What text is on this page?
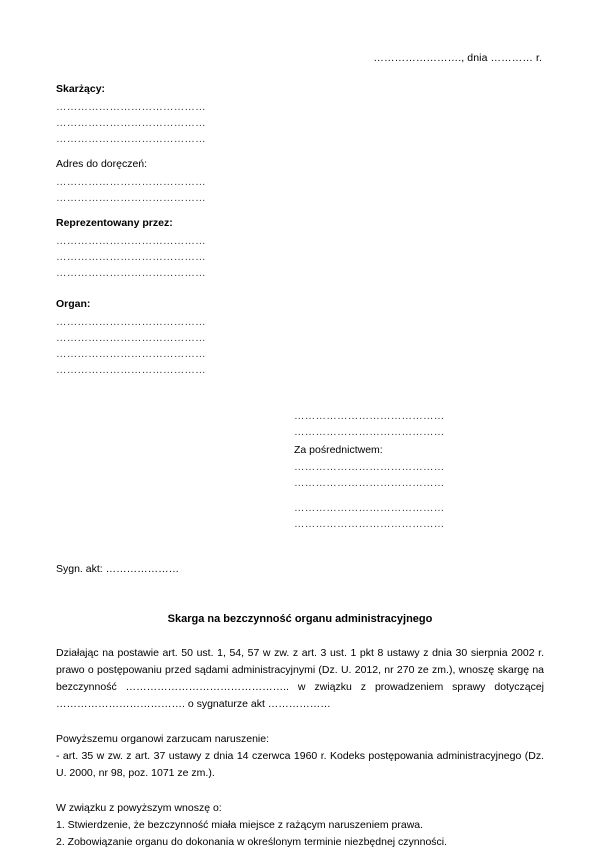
……………………., dnia ………… r.
Skarżący:
……………………………………
……………………………………
……………………………………
Adres do doręczeń:
……………………………………
……………………………………
Reprezentowany przez:
……………………………………
……………………………………
……………………………………
Organ:
……………………………………
……………………………………
……………………………………
……………………………………
……………………………………
……………………………………
Za pośrednictwem:
……………………………………
……………………………………
……………………………………
……………………………………
Sygn. akt: …………………
Skarga na bezczynność organu administracyjnego
Działając na postawie art. 50 ust. 1, 54, 57 w zw. z art. 3 ust. 1 pkt 8 ustawy z dnia 30 sierpnia 2002 r. prawo o postępowaniu przed sądami administracyjnymi (Dz. U. 2012, nr 270 ze zm.), wnoszę skargę na bezczynność ……………………………………….. w związku z prowadzeniem sprawy dotyczącej ………………………………. o sygnaturze akt ………………
Powyższemu organowi zarzucam naruszenie:
- art. 35 w zw. z art. 37 ustawy z dnia 14 czerwca 1960 r. Kodeks postępowania administracyjnego (Dz. U. 2000, nr 98, poz. 1071 ze zm.).
W związku z powyższym wnoszę o:
1. Stwierdzenie, że bezczynność miała miejsce z rażącym naruszeniem prawa.
2. Zobowiązanie organu do dokonania w określonym terminie niezbędnej czynności.
